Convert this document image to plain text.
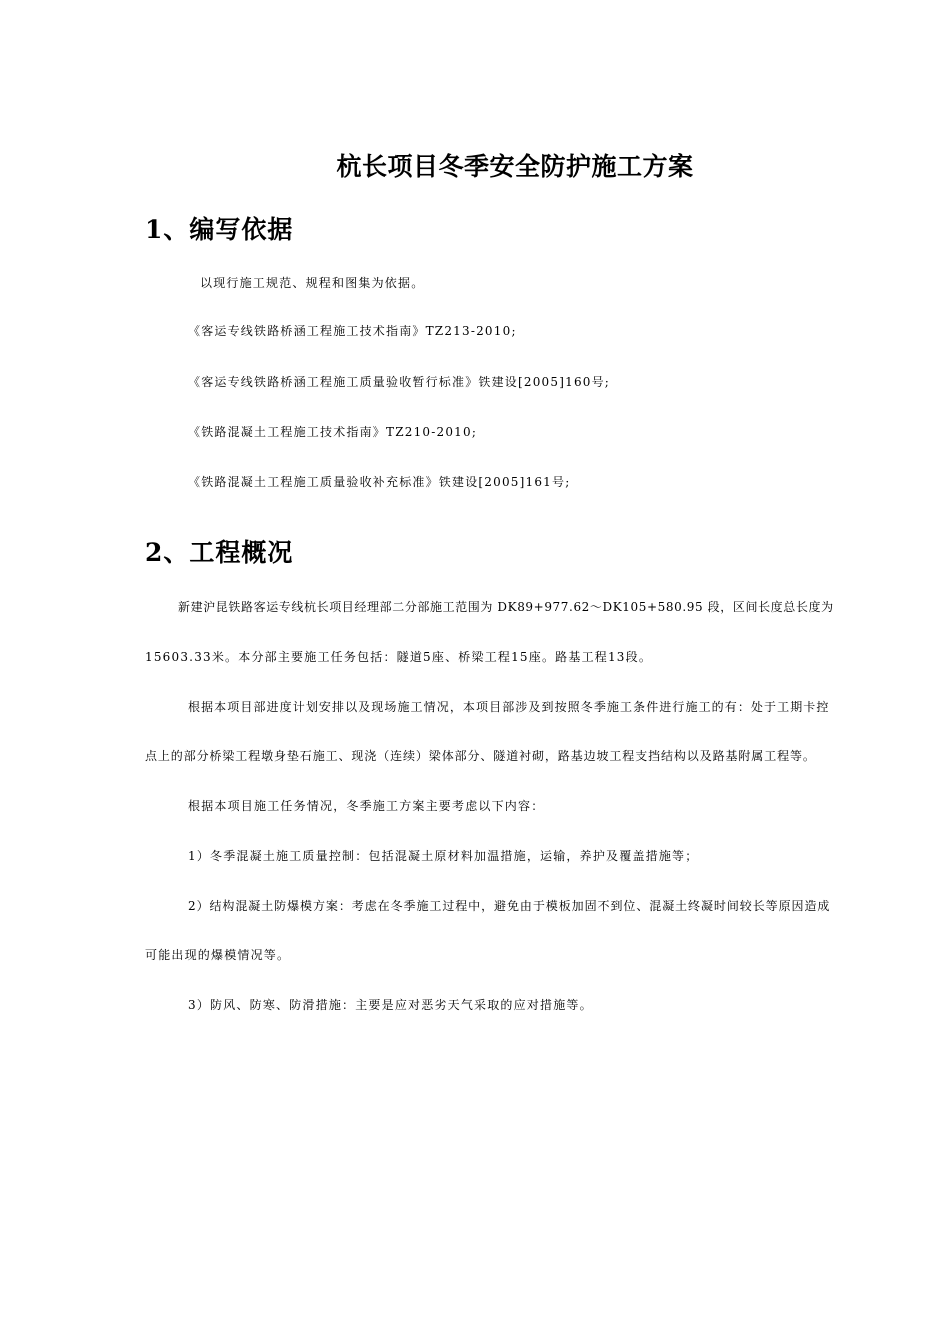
杭长项目冬季安全防护施工方案
1、编写依据
以现行施工规范、规程和图集为依据。
《客运专线铁路桥涵工程施工技术指南》TZ213-2010;
《客运专线铁路桥涵工程施工质量验收暂行标准》铁建设[2005]160号;
《铁路混凝土工程施工技术指南》TZ210-2010;
《铁路混凝土工程施工质量验收补充标准》铁建设[2005]161号;
2、工程概况
新建沪昆铁路客运专线杭长项目经理部二分部施工范围为 DK89+977.62～DK105+580.95 段，区间长度总长度为
15603.33米。本分部主要施工任务包括：隧道5座、桥梁工程15座。路基工程13段。
根据本项目部进度计划安排以及现场施工情况，本项目部涉及到按照冬季施工条件进行施工的有：处于工期卡控
点上的部分桥梁工程墩身垫石施工、现浇（连续）梁体部分、隧道衬砌，路基边坡工程支挡结构以及路基附属工程等。
根据本项目施工任务情况，冬季施工方案主要考虑以下内容：
1）冬季混凝土施工质量控制：包括混凝土原材料加温措施，运输，养护及覆盖措施等；
2）结构混凝土防爆模方案：考虑在冬季施工过程中，避免由于模板加固不到位、混凝土终凝时间较长等原因造成
可能出现的爆模情况等。
3）防风、防寒、防滑措施：主要是应对恶劣天气采取的应对措施等。
